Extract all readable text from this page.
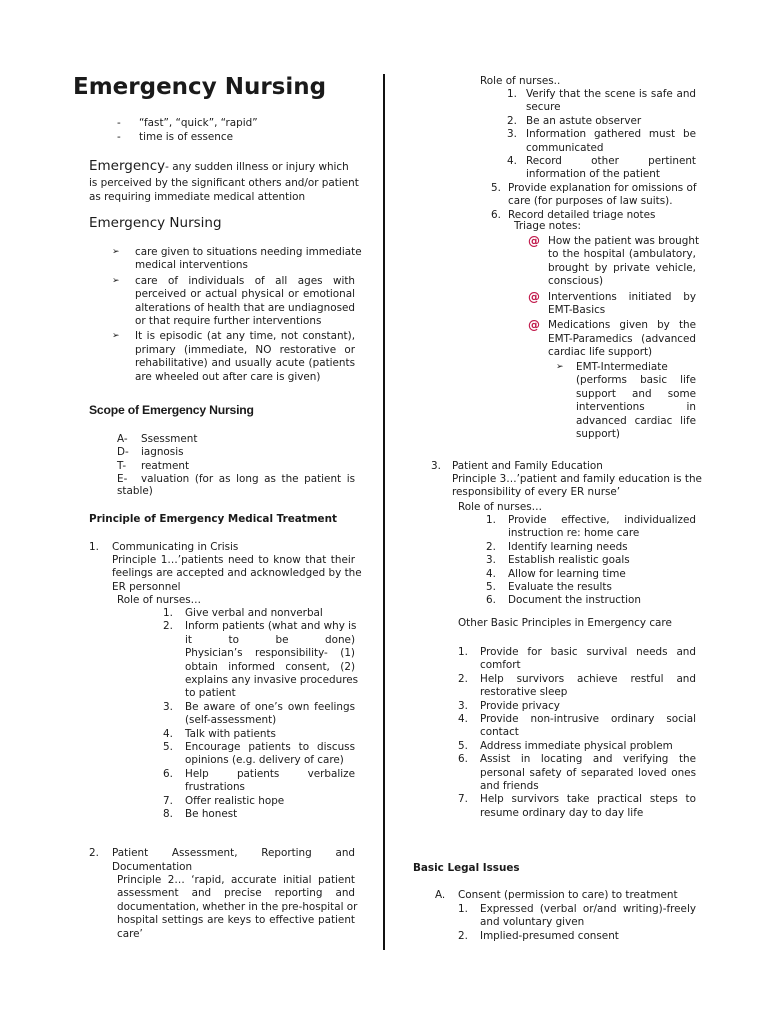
Emergency Nursing
- “fast”, “quick”, “rapid”
- time is of essence
Emergency- any sudden illness or injury which
is perceived by the significant others and/or patient
as requiring immediate medical attention
Emergency Nursing
Scope of Emergency Nursing
stable)
Principle of Emergency Medical Treatment
1. Communicating in Crisis
Role of nurses…
2. Patient Assessment, Reporting and
Documentation
Role of nurses..
Triage notes:
3. Patient and Family Education
Role of nurses…
Other Basic Principles in Emergency care
Basic Legal Issues
A. Consent (permission to care) to treatment
➢ care given to situations needing immediate
medical interventions
➢ care of individuals of all ages with
perceived or actual physical or emotional
alterations of health that are undiagnosed
or that require further interventions
➢ It is episodic (at any time, not constant),
primary (immediate, NO restorative or
rehabilitative) and usually acute (patients
are wheeled out after care is given)
A- Ssessment
D- iagnosis
T- reatment
E- valuation (for as long as the patient is
Principle 1…’patients need to know that their
feelings are accepted and acknowledged by the
ER personnel
1. Give verbal and nonverbal
2. Inform patients (what and why is
it to be done)
Physician’s responsibility- (1)
obtain informed consent, (2)
explains any invasive procedures
to patient
3. Be aware of one’s own feelings
(self-assessment)
4. Talk with patients
5. Encourage patients to discuss
opinions (e.g. delivery of care)
6. Help patients verbalize
frustrations
7. Offer realistic hope
8. Be honest
Principle 2… ‘rapid, accurate initial patient
assessment and precise reporting and
documentation, whether in the pre-hospital or
hospital settings are keys to effective patient
care’
1. Verify that the scene is safe and
secure
2. Be an astute observer
3. Information gathered must be
communicated
4. Record other pertinent
information of the patient
5. Provide explanation for omissions of
care (for purposes of law suits).
6. Record detailed triage notes
@ How the patient was brought
to the hospital (ambulatory,
brought by private vehicle,
conscious)
@ Interventions initiated by
EMT-Basics
@ Medications given by the
EMT-Paramedics (advanced
cardiac life support)
➢ EMT-Intermediate
(performs basic life
support and some
interventions in
advanced cardiac life
support)
Principle 3…’patient and family education is the
responsibility of every ER nurse’
1. Provide effective, individualized
instruction re: home care
2. Identify learning needs
3. Establish realistic goals
4. Allow for learning time
5. Evaluate the results
6. Document the instruction
1. Provide for basic survival needs and
comfort
2. Help survivors achieve restful and
restorative sleep
3. Provide privacy
4. Provide non-intrusive ordinary social
contact
5. Address immediate physical problem
6. Assist in locating and verifying the
personal safety of separated loved ones
and friends
7. Help survivors take practical steps to
resume ordinary day to day life
1. Expressed (verbal or/and writing)-freely
and voluntary given
2. Implied-presumed consent
